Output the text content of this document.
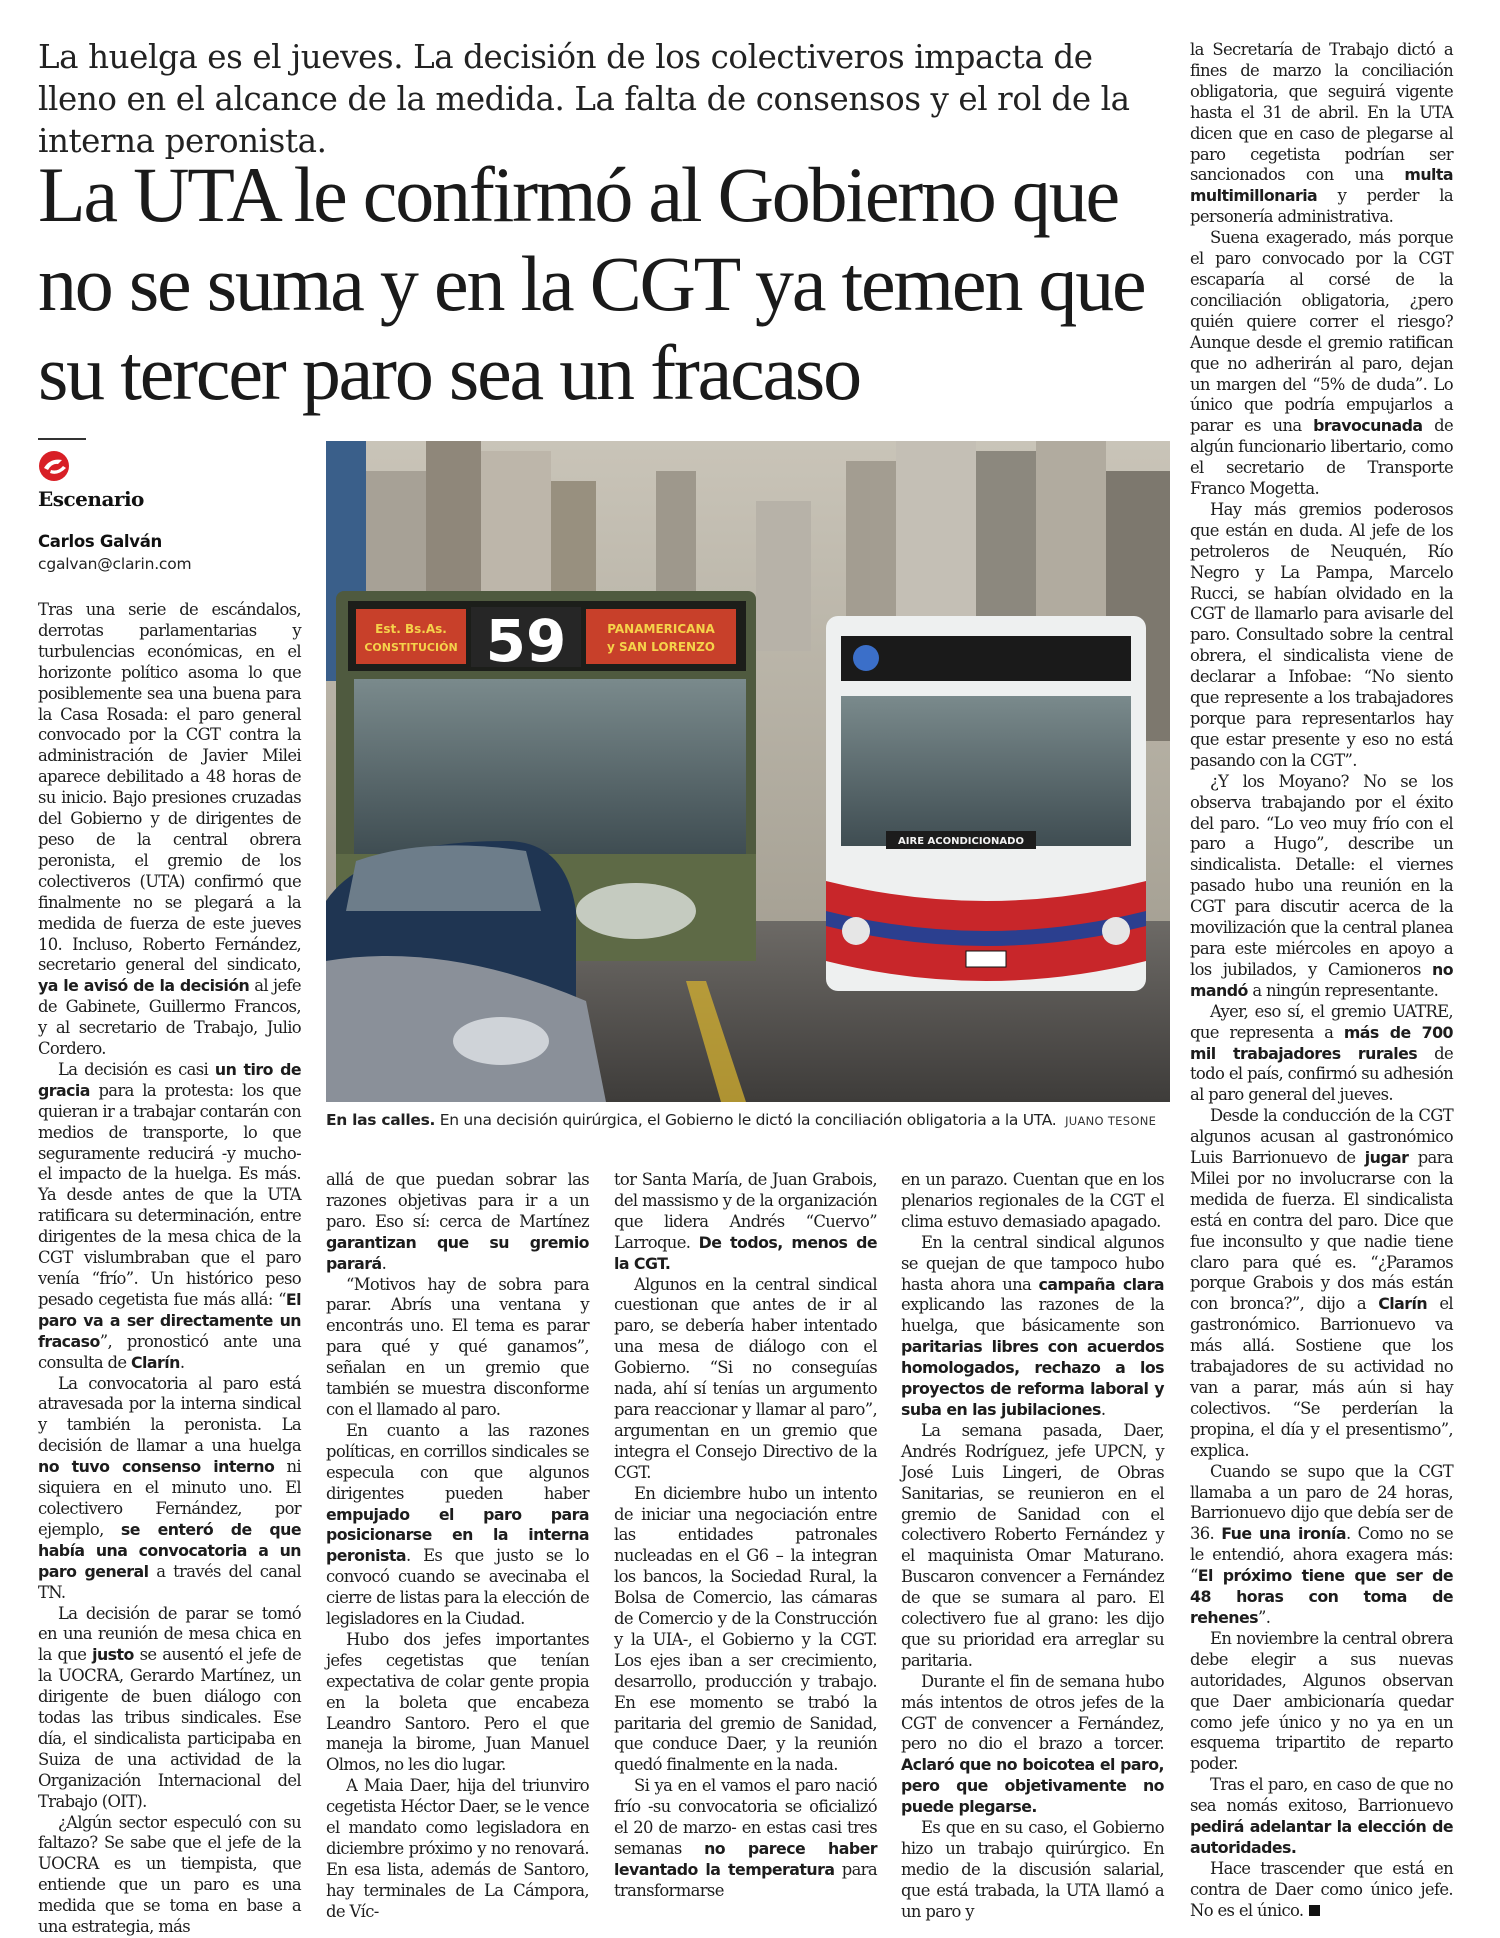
La huelga es el jueves. La decisión de los colectiveros impacta de lleno en el alcance de la medida. La falta de consensos y el rol de la interna peronista.
La UTA le confirmó al Gobierno que no se suma y en la CGT ya temen que su tercer paro sea un fracaso
Escenario
Carlos Galván
cgalvan@clarin.com
59
Est. Bs.As.
CONSTITUCIÓN
PANAMERICANA
y SAN LORENZO
AIRE ACONDICIONADO
En las calles. En una decisión quirúrgica, el Gobierno le dictó la conciliación obligatoria a la UTA. JUANO TESONE

Tras una serie de escándalos, derrotas parlamentarias y turbulencias económicas, en el horizonte político asoma lo que posiblemente sea una buena para la Casa Rosada: el paro general convocado por la CGT contra la administración de Javier Milei aparece debilitado a 48 horas de su inicio. Bajo presiones cruzadas del Gobierno y de dirigentes de peso de la central obrera peronista, el gremio de los colectiveros (UTA) confirmó que finalmente no se plegará a la medida de fuerza de este jueves 10. Incluso, Roberto Fernández, secretario general del sindicato, ya le avisó de la decisión al jefe de Gabinete, Guillermo Francos, y al secretario de Trabajo, Julio Cordero.

La decisión es casi un tiro de gracia para la protesta: los que quieran ir a trabajar contarán con medios de transporte, lo que seguramente reducirá -y mucho- el impacto de la huelga. Es más. Ya desde antes de que la UTA ratificara su determinación, entre dirigentes de la mesa chica de la CGT vislumbraban que el paro venía “frío”. Un histórico peso pesado cegetista fue más allá: “El paro va a ser directamente un fracaso”, pronosticó ante una consulta de Clarín.

La convocatoria al paro está atravesada por la interna sindical y también la peronista. La decisión de llamar a una huelga no tuvo consenso interno ni siquiera en el minuto uno. El colectivero Fernández, por ejemplo, se enteró de que había una convocatoria a un paro general a través del canal TN.

La decisión de parar se tomó en una reunión de mesa chica en la que justo se ausentó el jefe de la UOCRA, Gerardo Martínez, un dirigente de buen diálogo con todas las tribus sindicales. Ese día, el sindicalista participaba en Suiza de una actividad de la Organización Internacional del Trabajo (OIT).

¿Algún sector especuló con su faltazo? Se sabe que el jefe de la UOCRA es un tiempista, que entiende que un paro es una medida que se toma en base a una estrategia, más

allá de que puedan sobrar las razones objetivas para ir a un paro. Eso sí: cerca de Martínez garantizan que su gremio parará.

“Motivos hay de sobra para parar. Abrís una ventana y encontrás uno. El tema es parar para qué y qué ganamos”, señalan en un gremio que también se muestra disconforme con el llamado al paro.

En cuanto a las razones políticas, en corrillos sindicales se especula con que algunos dirigentes pueden haber empujado el paro para posicionarse en la interna peronista. Es que justo se lo convocó cuando se avecinaba el cierre de listas para la elección de legisladores en la Ciudad.

Hubo dos jefes importantes jefes cegetistas que tenían expectativa de colar gente propia en la boleta que encabeza Leandro Santoro. Pero el que maneja la birome, Juan Manuel Olmos, no les dio lugar.

A Maia Daer, hija del triunviro cegetista Héctor Daer, se le vence el mandato como legisladora en diciembre próximo y no renovará. En esa lista, además de Santoro, hay terminales de La Cámpora, de Víc-

tor Santa María, de Juan Grabois, del massismo y de la organización que lidera Andrés “Cuervo” Larroque. De todos, menos de la CGT.

Algunos en la central sindical cuestionan que antes de ir al paro, se debería haber intentado una mesa de diálogo con el Gobierno. “Si no conseguías nada, ahí sí tenías un argumento para reaccionar y llamar al paro”, argumentan en un gremio que integra el Consejo Directivo de la CGT.

En diciembre hubo un intento de iniciar una negociación entre las entidades patronales nucleadas en el G6 – la integran los bancos, la Sociedad Rural, la Bolsa de Comercio, las cámaras de Comercio y de la Construcción y la UIA-, el Gobierno y la CGT. Los ejes iban a ser crecimiento, desarrollo, producción y trabajo. En ese momento se trabó la paritaria del gremio de Sanidad, que conduce Daer, y la reunión quedó finalmente en la nada.

Si ya en el vamos el paro nació frío -su convocatoria se oficializó el 20 de marzo- en estas casi tres semanas no parece haber levantado la temperatura para transformarse

en un parazo. Cuentan que en los plenarios regionales de la CGT el clima estuvo demasiado apagado.

En la central sindical algunos se quejan de que tampoco hubo hasta ahora una campaña clara explicando las razones de la huelga, que básicamente son paritarias libres con acuerdos homologados, rechazo a los proyectos de reforma laboral y suba en las jubilaciones.

La semana pasada, Daer, Andrés Rodríguez, jefe UPCN, y José Luis Lingeri, de Obras Sanitarias, se reunieron en el gremio de Sanidad con el colectivero Roberto Fernández y el maquinista Omar Maturano. Buscaron convencer a Fernández de que se sumara al paro. El colectivero fue al grano: les dijo que su prioridad era arreglar su paritaria.

Durante el fin de semana hubo más intentos de otros jefes de la CGT de convencer a Fernández, pero no dio el brazo a torcer. Aclaró que no boicotea el paro, pero que objetivamente no puede plegarse.

Es que en su caso, el Gobierno hizo un trabajo quirúrgico. En medio de la discusión salarial, que está trabada, la UTA llamó a un paro y

la Secretaría de Trabajo dictó a fines de marzo la conciliación obligatoria, que seguirá vigente hasta el 31 de abril. En la UTA dicen que en caso de plegarse al paro cegetista podrían ser sancionados con una multa multimillonaria y perder la personería administrativa.

Suena exagerado, más porque el paro convocado por la CGT escaparía al corsé de la conciliación obligatoria, ¿pero quién quiere correr el riesgo? Aunque desde el gremio ratifican que no adherirán al paro, dejan un margen del “5% de duda”. Lo único que podría empujarlos a parar es una bravocunada de algún funcionario libertario, como el secretario de Transporte Franco Mogetta.

Hay más gremios poderosos que están en duda. Al jefe de los petroleros de Neuquén, Río Negro y La Pampa, Marcelo Rucci, se habían olvidado en la CGT de llamarlo para avisarle del paro. Consultado sobre la central obrera, el sindicalista viene de declarar a Infobae: “No siento que represente a los trabajadores porque para representarlos hay que estar presente y eso no está pasando con la CGT”.

¿Y los Moyano? No se los observa trabajando por el éxito del paro. “Lo veo muy frío con el paro a Hugo”, describe un sindicalista. Detalle: el viernes pasado hubo una reunión en la CGT para discutir acerca de la movilización que la central planea para este miércoles en apoyo a los jubilados, y Camioneros no mandó a ningún representante.

Ayer, eso sí, el gremio UATRE, que representa a más de 700 mil trabajadores rurales de todo el país, confirmó su adhesión al paro general del jueves.

Desde la conducción de la CGT algunos acusan al gastronómico Luis Barrionuevo de jugar para Milei por no involucrarse con la medida de fuerza. El sindicalista está en contra del paro. Dice que fue inconsulto y que nadie tiene claro para qué es. “¿Paramos porque Grabois y dos más están con bronca?”, dijo a Clarín el gastronómico. Barrionuevo va más allá. Sostiene que los trabajadores de su actividad no van a parar, más aún si hay colectivos. “Se perderían la propina, el día y el presentismo”, explica.

Cuando se supo que la CGT llamaba a un paro de 24 horas, Barrionuevo dijo que debía ser de 36. Fue una ironía. Como no se le entendió, ahora exagera más: “El próximo tiene que ser de 48 horas con toma de rehenes”.

En noviembre la central obrera debe elegir a sus nuevas autoridades, Algunos observan que Daer ambicionaría quedar como jefe único y no ya en un esquema tripartito de reparto poder.

Tras el paro, en caso de que no sea nomás exitoso, Barrionuevo pedirá adelantar la elección de autoridades.

Hace trascender que está en contra de Daer como único jefe. No es el único.
